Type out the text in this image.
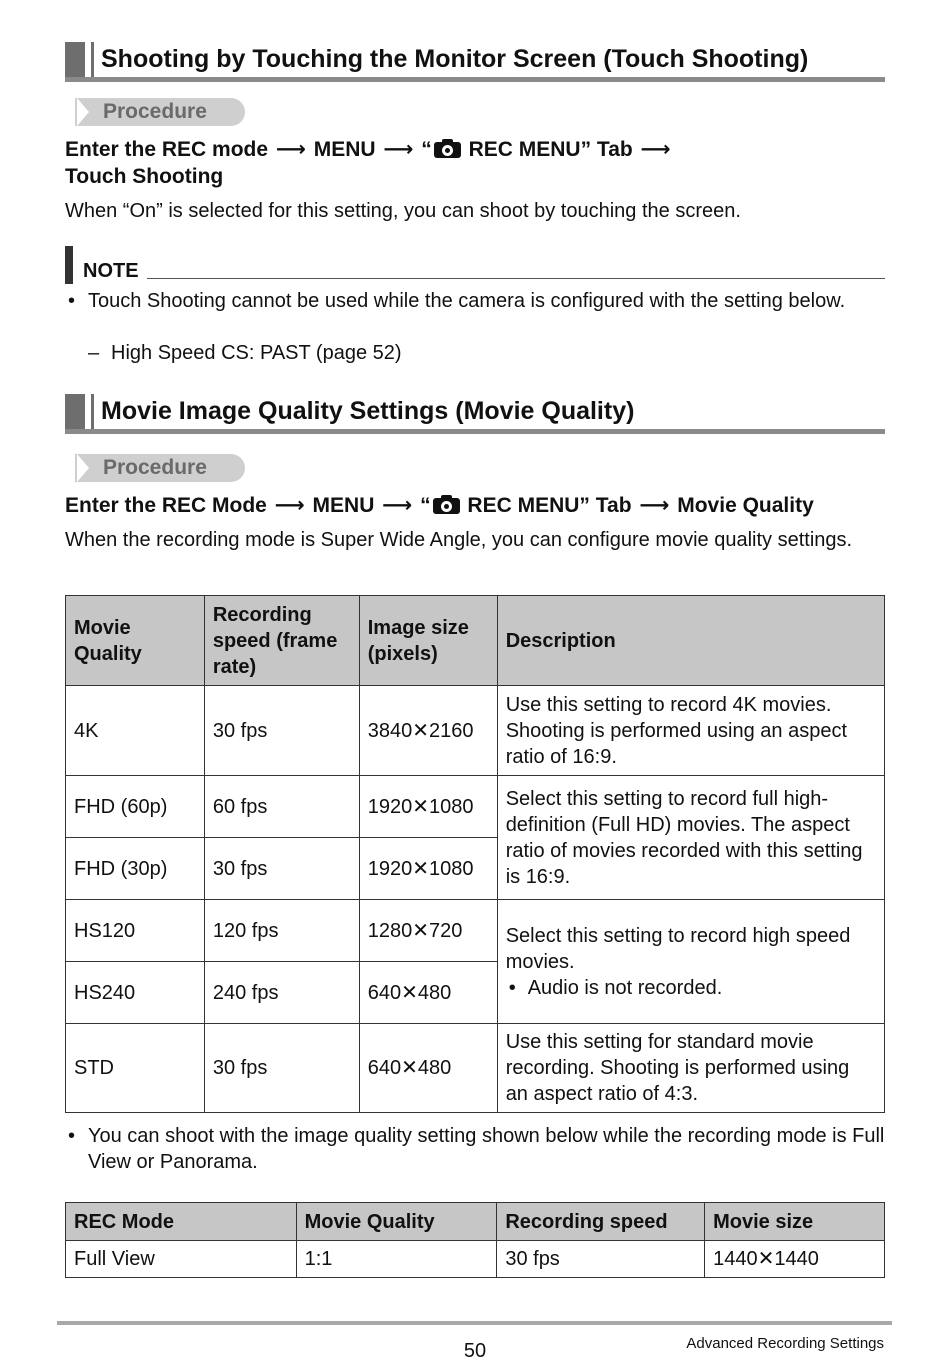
Shooting by Touching the Monitor Screen (Touch Shooting)
Procedure
Enter the REC mode ⟶ MENU ⟶ “ REC MENU” Tab ⟶
Touch Shooting
When “On” is selected for this setting, you can shoot by touching the screen.
NOTE
• Touch Shooting cannot be used while the camera is configured with the setting below.
– High Speed CS: PAST (page 52)
Movie Image Quality Settings (Movie Quality)
Procedure
Enter the REC Mode ⟶ MENU ⟶ “ REC MENU” Tab ⟶ Movie Quality
When the recording mode is Super Wide Angle, you can configure movie quality settings.
Movie Quality	Recording speed (frame rate)	Image size (pixels)	Description
4K	30 fps	3840✕2160	Use this setting to record 4K movies. Shooting is performed using an aspect ratio of 16:9.
FHD (60p)	60 fps	1920✕1080	Select this setting to record full high-definition (Full HD) movies. The aspect ratio of movies recorded with this setting is 16:9.
FHD (30p)	30 fps	1920✕1080	
HS120	120 fps	1280✕720	Select this setting to record high speed movies.
• Audio is not recorded.

HS240	240 fps	640✕480	
STD	30 fps	640✕480	Use this setting for standard movie recording. Shooting is performed using an aspect ratio of 4:3.
• You can shoot with the image quality setting shown below while the recording mode is Full View or Panorama.
REC Mode	Movie Quality	Recording speed	Movie size
Full View	1:1	30 fps	1440✕1440
50	Advanced Recording Settings
